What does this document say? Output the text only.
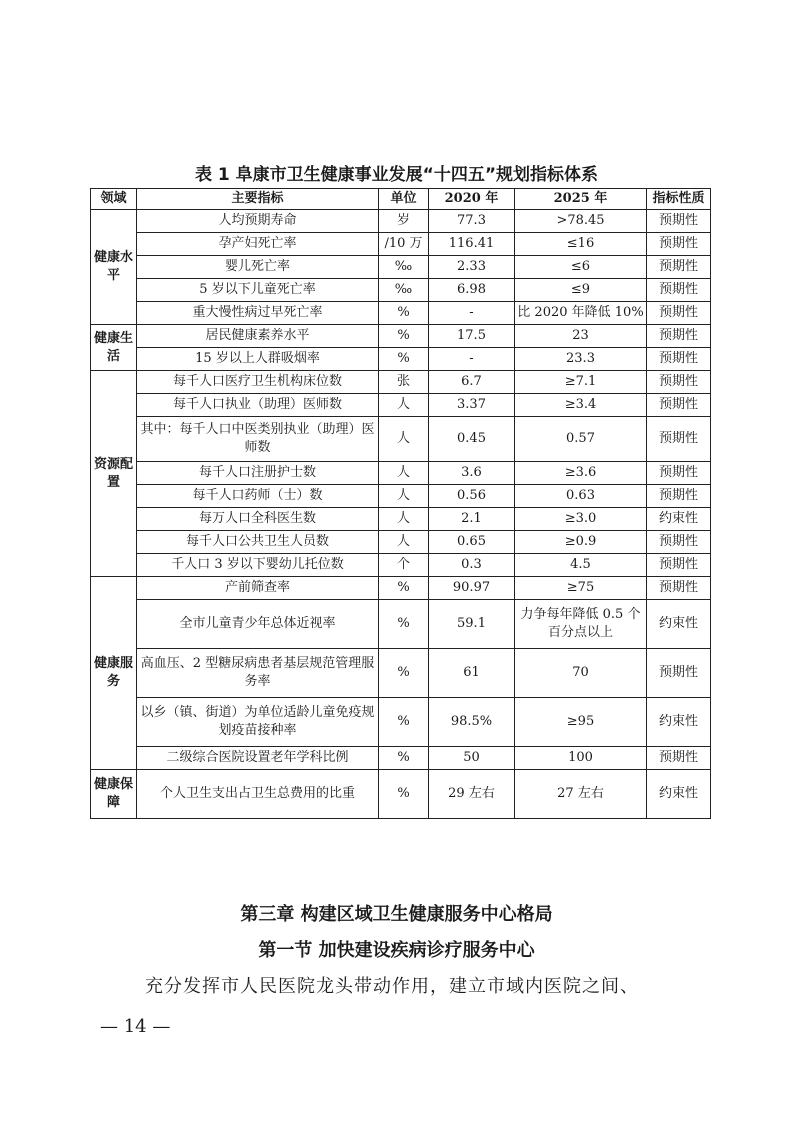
表 1 阜康市卫生健康事业发展“十四五”规划指标体系
领域	主要指标	单位	2020 年	2025 年	指标性质
健康水平	人均预期寿命	岁	77.3	>78.45	预期性
	孕产妇死亡率	/10 万	116.41	≤16	预期性
	婴儿死亡率	‰	2.33	≤6	预期性
	5 岁以下儿童死亡率	‰	6.98	≤9	预期性
	重大慢性病过早死亡率	%	-	比 2020 年降低 10%	预期性
健康生活	居民健康素养水平	%	17.5	23	预期性
	15 岁以上人群吸烟率	%	-	23.3	预期性
资源配置	每千人口医疗卫生机构床位数	张	6.7	≥7.1	预期性
	每千人口执业（助理）医师数	人	3.37	≥3.4	预期性
	其中：每千人口中医类别执业（助理）医师数	人	0.45	0.57	预期性
	每千人口注册护士数	人	3.6	≥3.6	预期性
	每千人口药师（士）数	人	0.56	0.63	预期性
	每万人口全科医生数	人	2.1	≥3.0	约束性
	每千人口公共卫生人员数	人	0.65	≥0.9	预期性
	千人口 3 岁以下婴幼儿托位数	个	0.3	4.5	预期性
健康服务	产前筛查率	%	90.97	≥75	预期性
	全市儿童青少年总体近视率	%	59.1	力争每年降低 0.5 个百分点以上	约束性
	高血压、2 型糖尿病患者基层规范管理服务率	%	61	70	预期性
	以乡（镇、街道）为单位适龄儿童免疫规划疫苗接种率	%	98.5%	≥95	约束性
	二级综合医院设置老年学科比例	%	50	100	预期性
健康保障	个人卫生支出占卫生总费用的比重	%	29 左右	27 左右	约束性
第三章 构建区域卫生健康服务中心格局
第一节 加快建设疾病诊疗服务中心
充分发挥市人民医院龙头带动作用，建立市域内医院之间、
— 14 —
